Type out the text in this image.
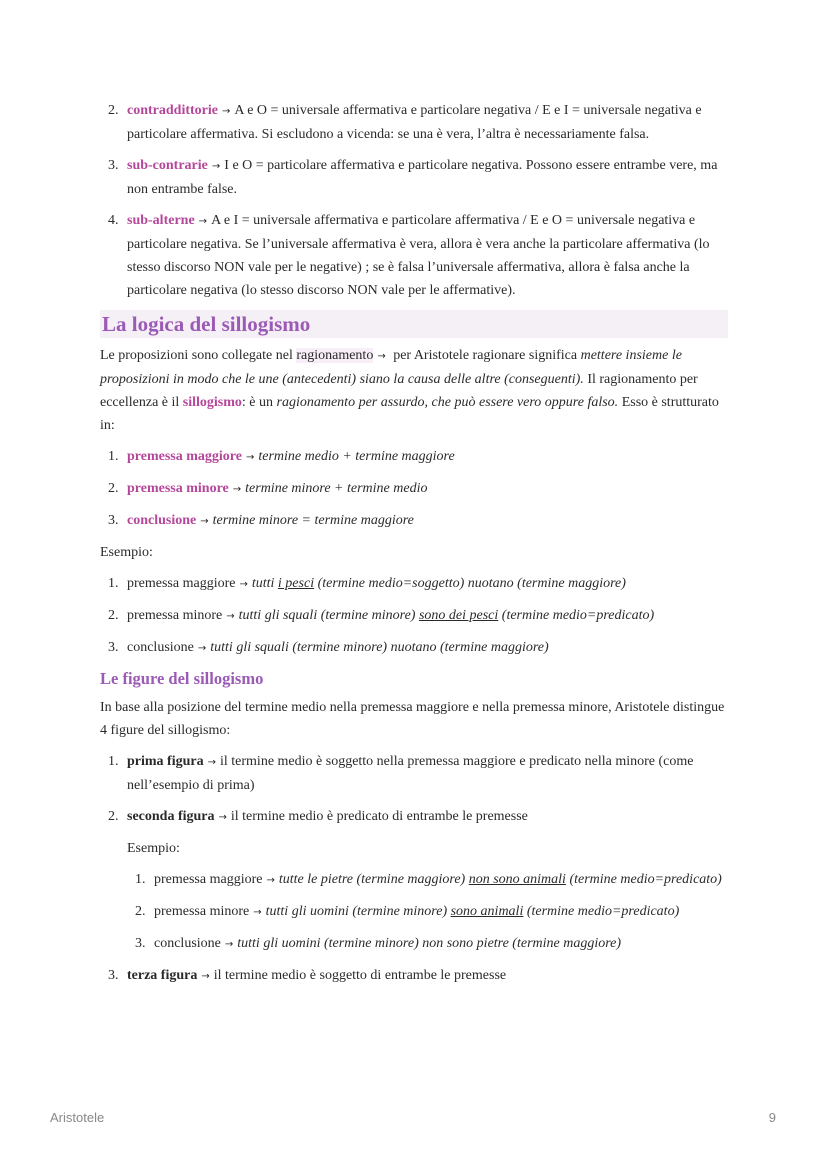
2. contraddittorie → A e O = universale affermativa e particolare negativa / E e I = universale negativa e particolare affermativa. Si escludono a vicenda: se una è vera, l’altra è necessariamente falsa.
3. sub-contrarie → I e O = particolare affermativa e particolare negativa. Possono essere entrambe vere, ma non entrambe false.
4. sub-alterne → A e I = universale affermativa e particolare affermativa / E e O = universale negativa e particolare negativa. Se l’universale affermativa è vera, allora è vera anche la particolare affermativa (lo stesso discorso NON vale per le negative) ; se è falsa l’universale affermativa, allora è falsa anche la particolare negativa (lo stesso discorso NON vale per le affermative).
La logica del sillogismo

Le proposizioni sono collegate nel ragionamento → per Aristotele ragionare significa mettere insieme le proposizioni in modo che le une (antecedenti) siano la causa delle altre (conseguenti). Il ragionamento per eccellenza è il sillogismo: è un ragionamento per assurdo, che può essere vero oppure falso. Esso è strutturato in:

1. premessa maggiore → termine medio + termine maggiore
2. premessa minore → termine minore + termine medio
3. conclusione → termine minore = termine maggiore

Esempio:

1. premessa maggiore → tutti i pesci (termine medio=soggetto) nuotano (termine maggiore)
2. premessa minore → tutti gli squali (termine minore) sono dei pesci (termine medio=predicato)
3. conclusione → tutti gli squali (termine minore) nuotano (termine maggiore)
Le figure del sillogismo

In base alla posizione del termine medio nella premessa maggiore e nella premessa minore, Aristotele distingue 4 figure del sillogismo:

1. prima figura → il termine medio è soggetto nella premessa maggiore e predicato nella minore (come nell’esempio di prima)
2. seconda figura → il termine medio è predicato di entrambe le premesse

Esempio:

1. premessa maggiore → tutte le pietre (termine maggiore) non sono animali (termine medio=predicato)
2. premessa minore → tutti gli uomini (termine minore) sono animali (termine medio=predicato)
3. conclusione → tutti gli uomini (termine minore) non sono pietre (termine maggiore)
3. terza figura → il termine medio è soggetto di entrambe le premesse
Aristotele	9
